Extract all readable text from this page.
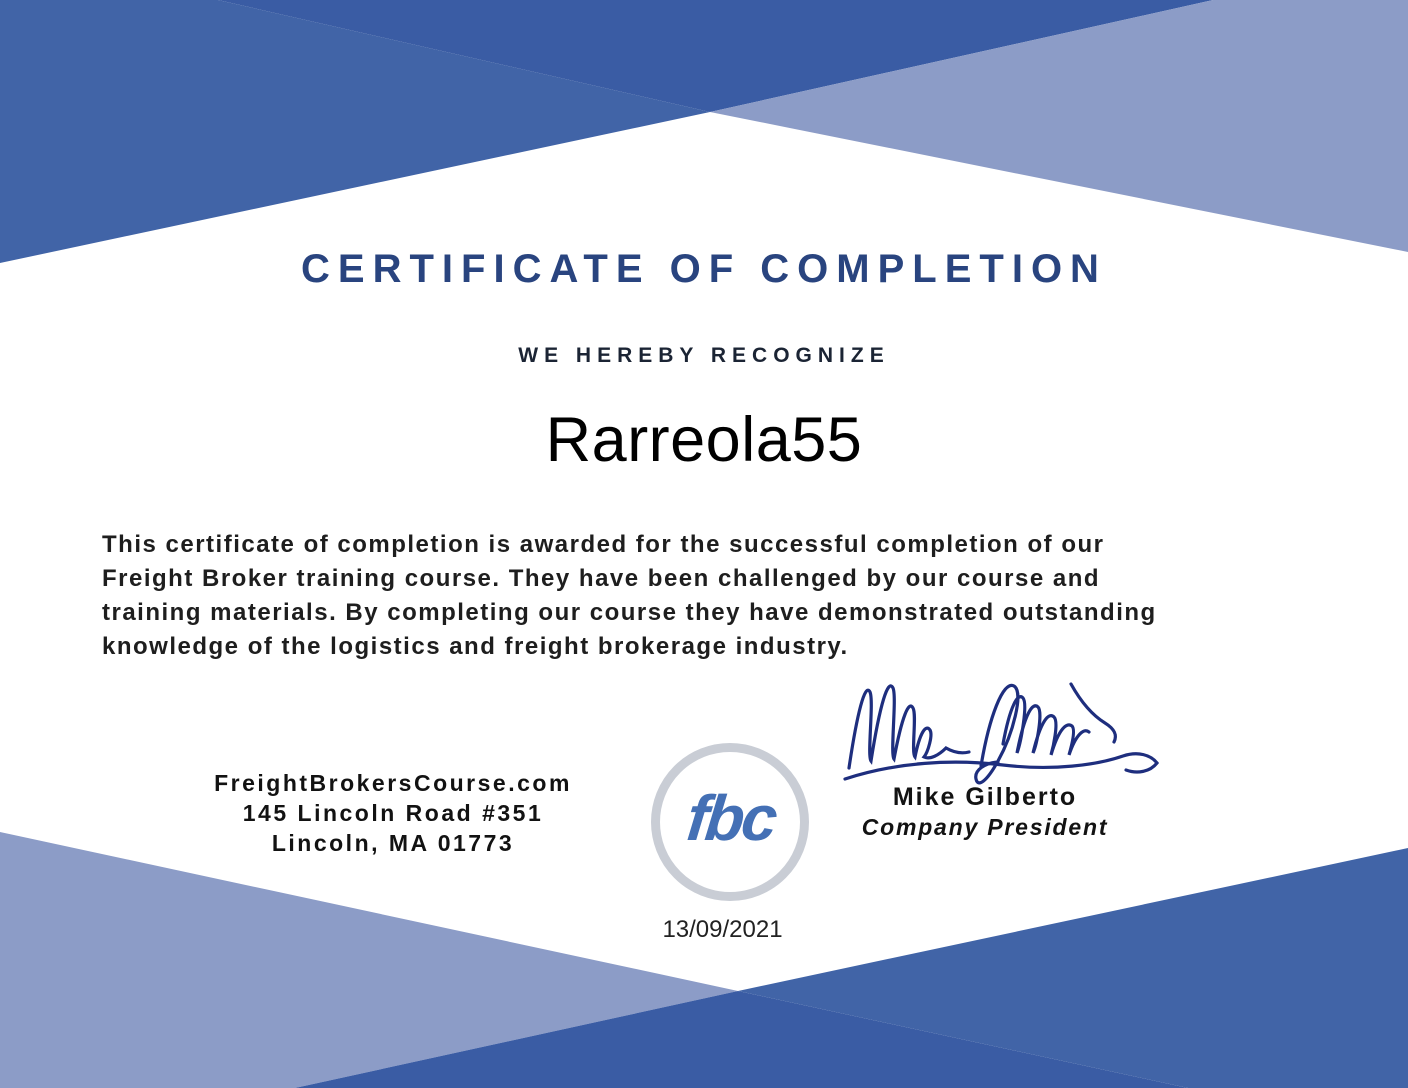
CERTIFICATE OF COMPLETION
WE HEREBY RECOGNIZE
Rarreola55
This certificate of completion is awarded for the successful completion of our
Freight Broker training course. They have been challenged by our course and
training materials. By completing our course they have demonstrated outstanding
knowledge of the logistics and freight brokerage industry.
FreightBrokersCourse.com
145 Lincoln Road #351
Lincoln, MA 01773	fbc	Mike Gilberto
Company President
13/09/2021
